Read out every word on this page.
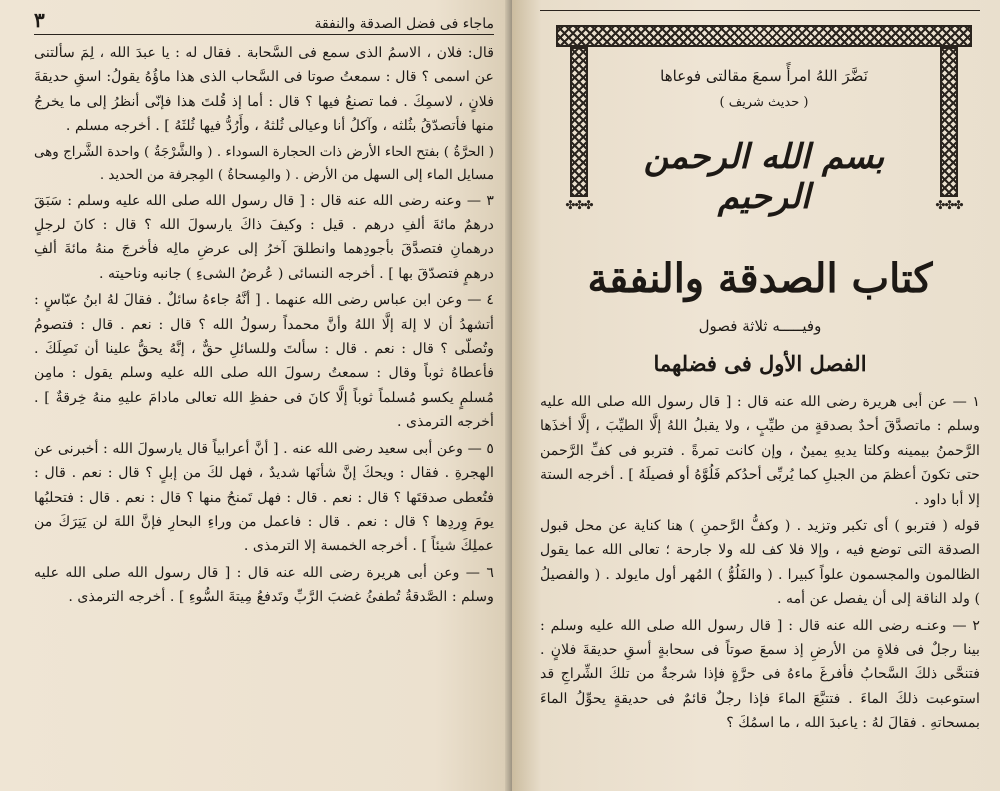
٣	ماجاء فى فضل الصدقة والنفقة

قال: فلان ، الاسمُ الذى سمع فى السَّحابة . فقال له : يا عبدَ الله ، لِمَ سألتنى عن اسمى ؟ قال : سمعتُ صوتا فى السَّحاب الذى هذا ماؤُهُ يقولُ: اسقِ حديقةَ فلانٍ ، لاسمِكَ . فما تصنعُ فيها ؟ قال : أما إذ قُلتَ هذا فإنّى أنظرُ إلى ما يخرجُ منها فأتصدّقُ بثُلثه ، وآكلُ أنا وعيالى ثُلثهُ ، وأَرُدُّ فيها ثُلثَهُ ] . أخرجه مسلم .

( الحرَّةُ ) بفتح الحاء الأرض ذات الحجارة السوداء . ( والشَّرْجَةُ ) واحدة الشَّراج وهى مسايل الماء إلى السهل من الأرض . ( والمِسحاةُ ) المِجرفة من الحديد .

٣ — وعنه رضى الله عنه قال : [ قال رسول الله صلى الله عليه وسلم : سَبَقَ درهمٌ مائةَ ألفِ درهم . قيل : وكيفَ ذاكَ يارسولَ الله ؟ قال : كانَ لرجلٍ درهمانِ فتصدَّقَ بأجودِهما وانطلقَ آخرُ إلى عرضِ مالِه فأخرجَ منهُ مائةَ ألفِ درهمٍ فتصدّقَ بها ] . أخرجه النسائى ( عُرضُ الشىءِ ) جانبه وناحيته .

٤ — وعن ابن عباس رضى الله عنهما . [ أنَّهُ جاءهُ سائلٌ . فقالَ لهُ ابنُ عبّاسٍ : أتشهدُ أن لا إلهَ إلَّا اللهُ وأنَّ محمداً رسولُ الله ؟ قال : نعم . قال : فتصومُ وتُصلّى ؟ قال : نعم . قال : سألتَ وللسائلِ حقٌّ ، إنَّهُ يحقُّ علينا أن نَصِلَكَ . فأعطاهُ ثوباً وقال : سمعتُ رسولَ الله صلى الله عليه وسلم يقول : مامِن مُسلمٍ يكسو مُسلماً ثوباً إلَّا كانَ فى حفظِ الله تعالى مادامَ عليهِ منهُ خِرقةٌ ] . أخرجه الترمذى .

٥ — وعن أبى سعيد رضى الله عنه . [ أنَّ أعرابياً قال يارسولَ الله : أخبرنى عن الهجرةِ . فقال : ويحكَ إنَّ شأنَها شديدٌ ، فهل لكَ من إبلٍ ؟ قال : نعم . قال : فتُعطى صدقتَها ؟ قال : نعم . قال : فهل تَمنحُ منها ؟ قال : نعم . قال : فتحلبُها يومَ وِردِها ؟ قال : نعم . قال : فاعمل من وراءِ البحارِ فإنَّ اللهَ لن يَتِرَكَ من عملِكَ شيئاً ] . أخرجه الخمسة إلا الترمذى .

٦ — وعن أبى هريرة رضى الله عنه قال : [ قال رسول الله صلى الله عليه وسلم : الصَّدقةُ تُطفئُ غضبَ الرَّبِّ وتَدفعُ مِيتةَ السُّوءِ ] . أخرجه الترمذى .

✤✤✤	✤✤✤
نَضَّرَ اللهُ امرأً سمعَ مقالتى فوعاها
( حديث شريف )
بسم الله الرحمن الرحيم
كتاب الصدقة والنفقة
وفيـــــه ثلاثة فصول
الفصل الأول فى فضلهما

١ — عن أبى هريرة رضى الله عنه قال : [ قال رسول الله صلى الله عليه وسلم : ماتصدَّقَ أحدٌ بصدقةٍ من طيِّبٍ ، ولا يقبلُ اللهُ إلَّا الطيِّبَ ، إلَّا أخذَها الرَّحمنُ بيمينه وكلتا يديهِ يمينٌ ، وإن كانت تمرةً . فتربو فى كفِّ الرَّحمن حتى تكونَ أعظمَ من الجبلِ كما يُربِّى أحدُكم فَلُوَّهُ أو فصيلَهُ ] . أخرجه الستة إلا أبا داود .

قوله ( فتربو ) أى تكبر وتزيد . ( وكفُّ الرَّحمنِ ) هنا كناية عن محل قبول الصدقة التى توضع فيه ، وإلا فلا كف لله ولا جارحة ؛ تعالى الله عما يقول الظالمون والمجسمون علواً كبيرا . ( والفَلُوُّ ) المُهر أول مايولد . ( والفصيلُ ) ولد الناقة إلى أن يفصل عن أمه .

٢ — وعنـه رضى الله عنه قال : [ قال رسول الله صلى الله عليه وسلم : بينا رجلٌ فى فلاةٍ من الأرضِ إذ سمعَ صوتاً فى سحابةٍ أسقِ حديقةَ فلانٍ . فتنحَّى ذلكَ السَّحابُ فأفرغَ ماءهُ فى حرَّةٍ فإذا شرجةٌ من تلكَ الشِّراجِ قد استوعبت ذلكَ الماءَ . فتتبَّعَ الماءَ فإذا رجلٌ قائمٌ فى حديقةٍ يحوِّلُ الماءَ بمسحاتهِ . فقالَ لهُ : ياعبدَ الله ، ما اسمُكَ ؟
